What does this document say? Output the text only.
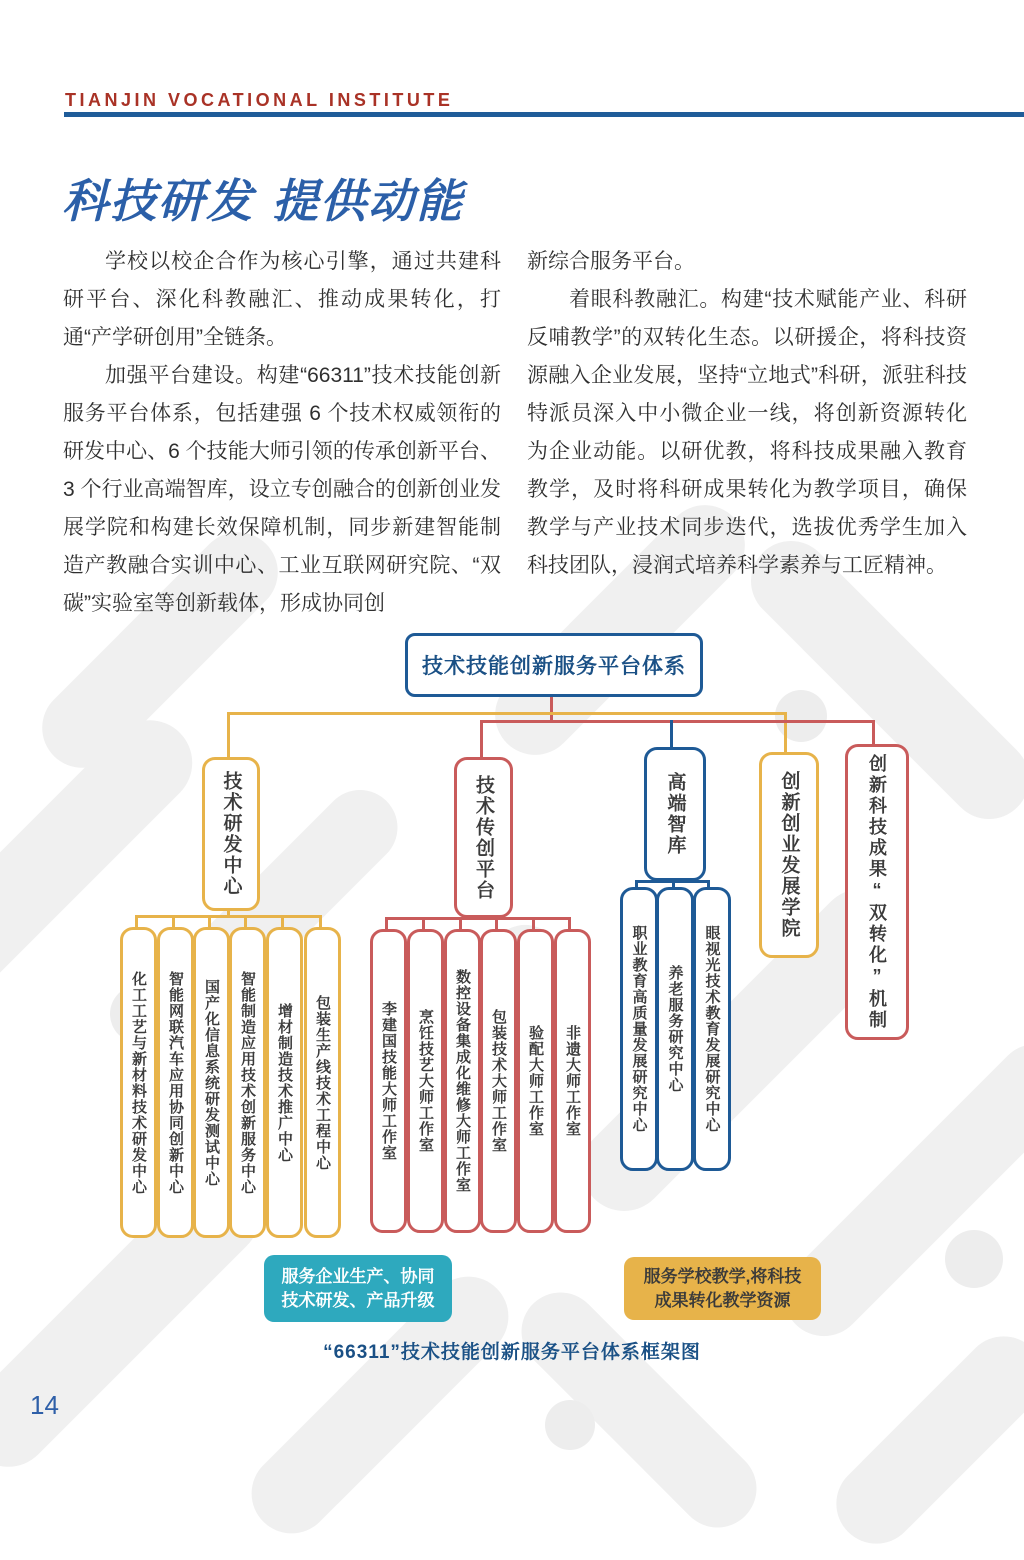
TIANJIN VOCATIONAL INSTITUTE
科技研发 提供动能

学校以校企合作为核心引擎，通过共建科研平台、深化科教融汇、推动成果转化，打通“产学研创用”全链条。

加强平台建设。构建“66311”技术技能创新服务平台体系，包括建强 6 个技术权威领衔的研发中心、6 个技能大师引领的传承创新平台、3 个行业高端智库，设立专创融合的创新创业发展学院和构建长效保障机制，同步新建智能制造产教融合实训中心、工业互联网研究院、“双碳”实验室等创新载体，形成协同创

新综合服务平台。

着眼科教融汇。构建“技术赋能产业、科研反哺教学”的双转化生态。以研援企，将科技资源融入企业发展，坚持“立地式”科研，派驻科技特派员深入中小微企业一线，将创新资源转化为企业动能。以研优教，将科技成果融入教育教学，及时将科研成果转化为教学项目，确保教学与产业技术同步迭代，选拔优秀学生加入科技团队，浸润式培养科学素养与工匠精神。

技术技能创新服务平台体系
技术研发中心	技术传创平台	高端智库	创新创业发展学院	创新科技成果“双转化”机制
化工工艺与新材料技术研发中心 智能网联汽车应用协同创新中心 国产化信息系统研发测试中心 智能制造应用技术创新服务中心 增材制造技术推广中心 包装生产线技术工程中心	李建国技能大师工作室 烹饪技艺大师工作室 数控设备集成化维修大师工作室 包装技术大师工作室 验配大师工作室 非遗大师工作室	职业教育高质量发展研究中心 养老服务研究中心 眼视光技术教育发展研究中心
服务企业生产、协同技术研发、产品升级
服务学校教学,将科技成果转化教学资源
“66311”技术技能创新服务平台体系框架图
14
